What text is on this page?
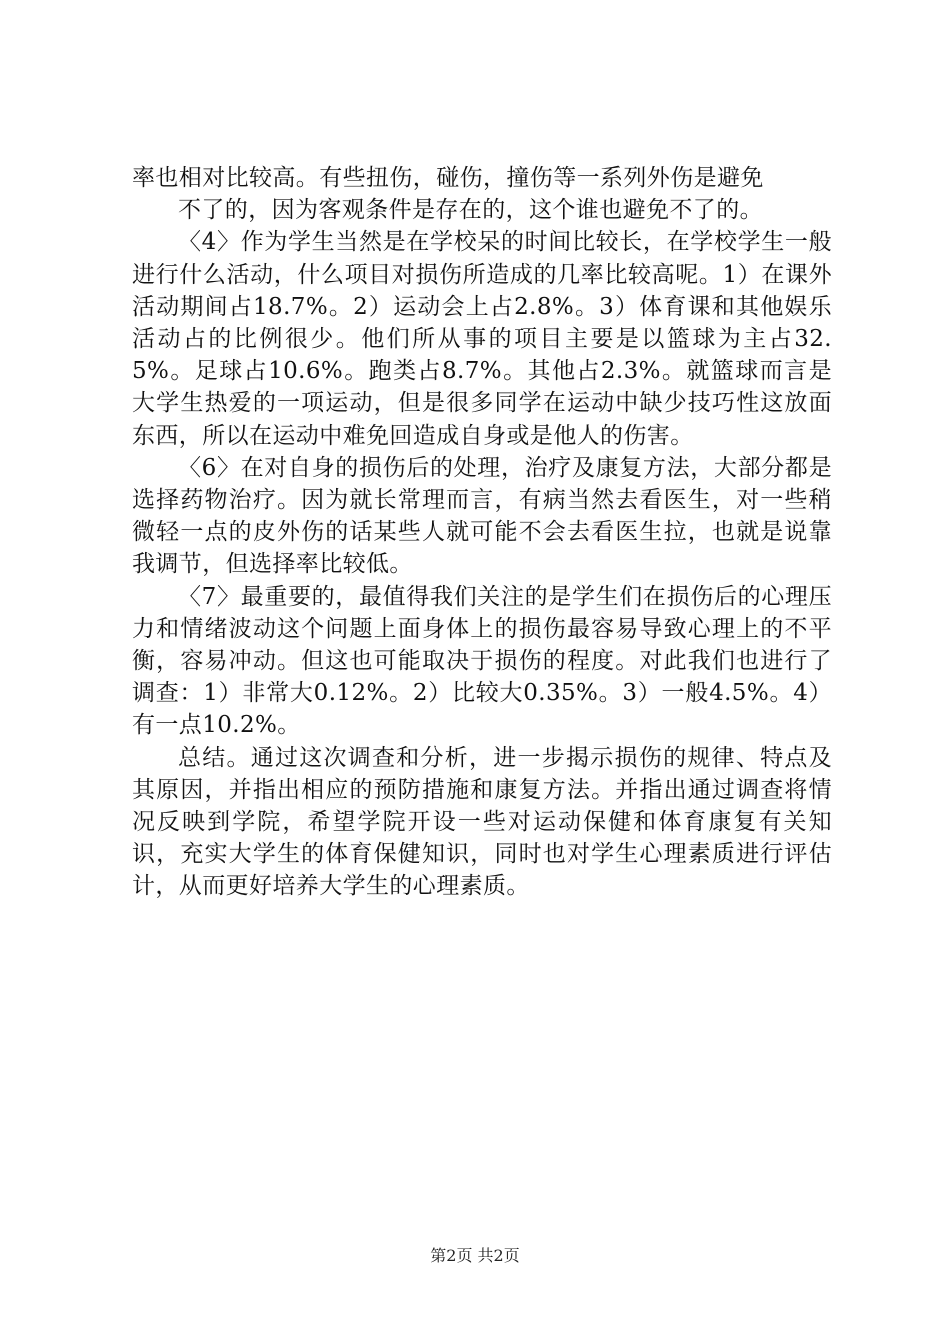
率也相对比较高。有些扭伤，碰伤，撞伤等一系列外伤是避免

不了的，因为客观条件是存在的，这个谁也避免不了的。

〈4〉作为学生当然是在学校呆的时间比较长，在学校学生一般进行什么活动，什么项目对损伤所造成的几率比较高呢。1）在课外活动期间占18.7%。2）运动会上占2.8%。3）体育课和其他娱乐活动占的比例很少。他们所从事的项目主要是以篮球为主占32.5%。足球占10.6%。跑类占8.7%。其他占2.3%。就篮球而言是大学生热爱的一项运动，但是很多同学在运动中缺少技巧性这放面东西，所以在运动中难免回造成自身或是他人的伤害。

〈6〉在对自身的损伤后的处理，治疗及康复方法，大部分都是选择药物治疗。因为就长常理而言，有病当然去看医生，对一些稍微轻一点的皮外伤的话某些人就可能不会去看医生拉，也就是说靠我调节，但选择率比较低。

〈7〉最重要的，最值得我们关注的是学生们在损伤后的心理压力和情绪波动这个问题上面身体上的损伤最容易导致心理上的不平衡，容易冲动。但这也可能取决于损伤的程度。对此我们也进行了调查：1）非常大0.12%。2）比较大0.35%。3）一般4.5%。4）有一点10.2%。

总结。通过这次调查和分析，进一步揭示损伤的规律、特点及其原因，并指出相应的预防措施和康复方法。并指出通过调查将情况反映到学院，希望学院开设一些对运动保健和体育康复有关知识，充实大学生的体育保健知识，同时也对学生心理素质进行评估计，从而更好培养大学生的心理素质。

第2页 共2页
